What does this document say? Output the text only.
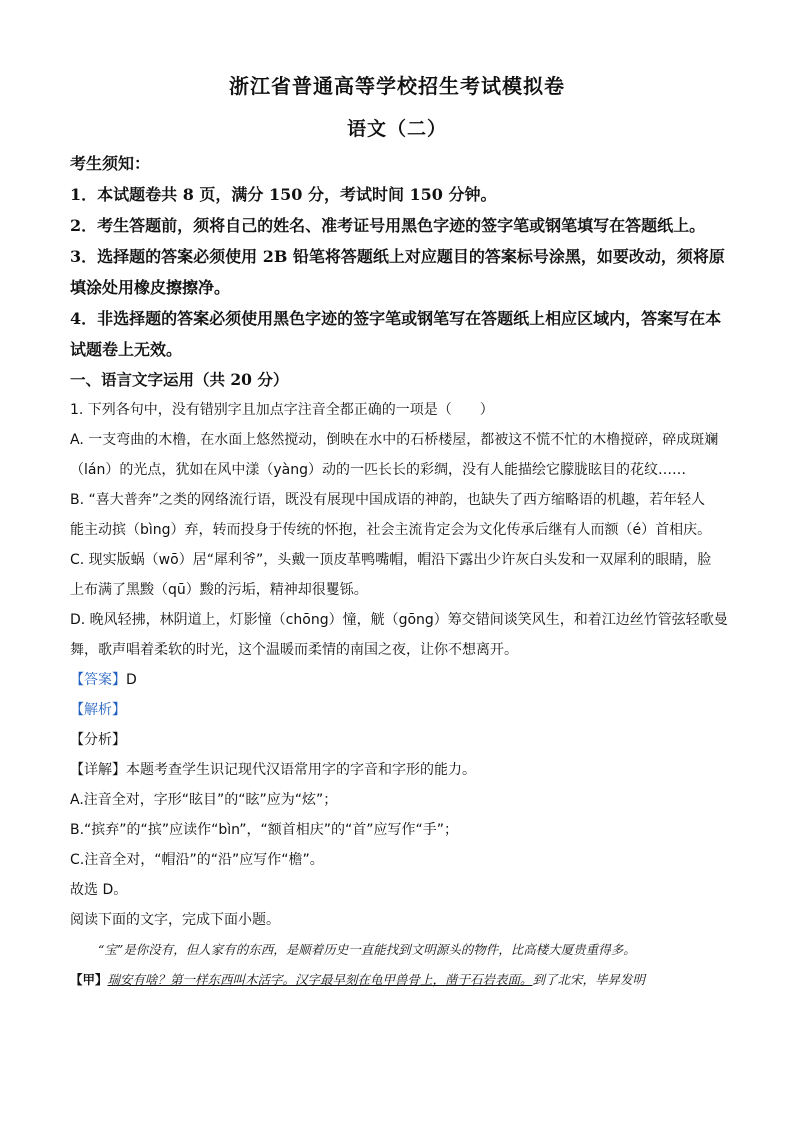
浙江省普通高等学校招生考试模拟卷
语文（二）

考生须知：

1．本试题卷共 8 页，满分 150 分，考试时间 150 分钟。

2．考生答题前，须将自己的姓名、准考证号用黑色字迹的签字笔或钢笔填写在答题纸上。

3．选择题的答案必须使用 2B 铅笔将答题纸上对应题目的答案标号涂黑，如要改动，须将原

填涂处用橡皮擦擦净。

4．非选择题的答案必须使用黑色字迹的签字笔或钢笔写在答题纸上相应区域内，答案写在本

试题卷上无效。

一、语言文字运用（共 20 分）

1. 下列各句中，没有错别字且加点字注音全都正确的一项是（　　）

A. 一支弯曲的木橹，在水面上悠然搅动，倒映在水中的石桥楼屋，都被这不慌不忙的木橹搅碎，碎成斑斓

（lán）的光点，犹如在风中漾（yàng）动的一匹长长的彩绸，没有人能描绘它朦胧眩目的花纹……

B. “喜大普奔”之类的网络流行语，既没有展现中国成语的神韵，也缺失了西方缩略语的机趣，若年轻人

能主动摈（bìng）弃，转而投身于传统的怀抱，社会主流肯定会为文化传承后继有人而额（é）首相庆。

C. 现实版蜗（wō）居“犀利爷”，头戴一顶皮革鸭嘴帽，帽沿下露出少许灰白头发和一双犀利的眼睛，脸

上布满了黑黢（qū）黢的污垢，精神却很矍铄。

D. 晚风轻拂，林阴道上，灯影憧（chōng）憧，觥（gōng）筹交错间谈笑风生，和着江边丝竹管弦轻歌曼

舞，歌声唱着柔软的时光，这个温暖而柔情的南国之夜，让你不想离开。

【答案】D

【解析】

【分析】

【详解】本题考查学生识记现代汉语常用字的字音和字形的能力。

A.注音全对，字形“眩目”的“眩”应为“炫”；

B.“摈弃”的“摈”应读作“bìn”，“额首相庆”的“首”应写作“手”；

C.注音全对，“帽沿”的“沿”应写作“檐”。

故选 D。

阅读下面的文字，完成下面小题。

“宝”是你没有，但人家有的东西，是顺着历史一直能找到文明源头的物件，比高楼大厦贵重得多。

【甲】瑞安有啥？第一样东西叫木活字。汉字最早刻在龟甲兽骨上，凿于石岩表面。到了北宋，毕昇发明
